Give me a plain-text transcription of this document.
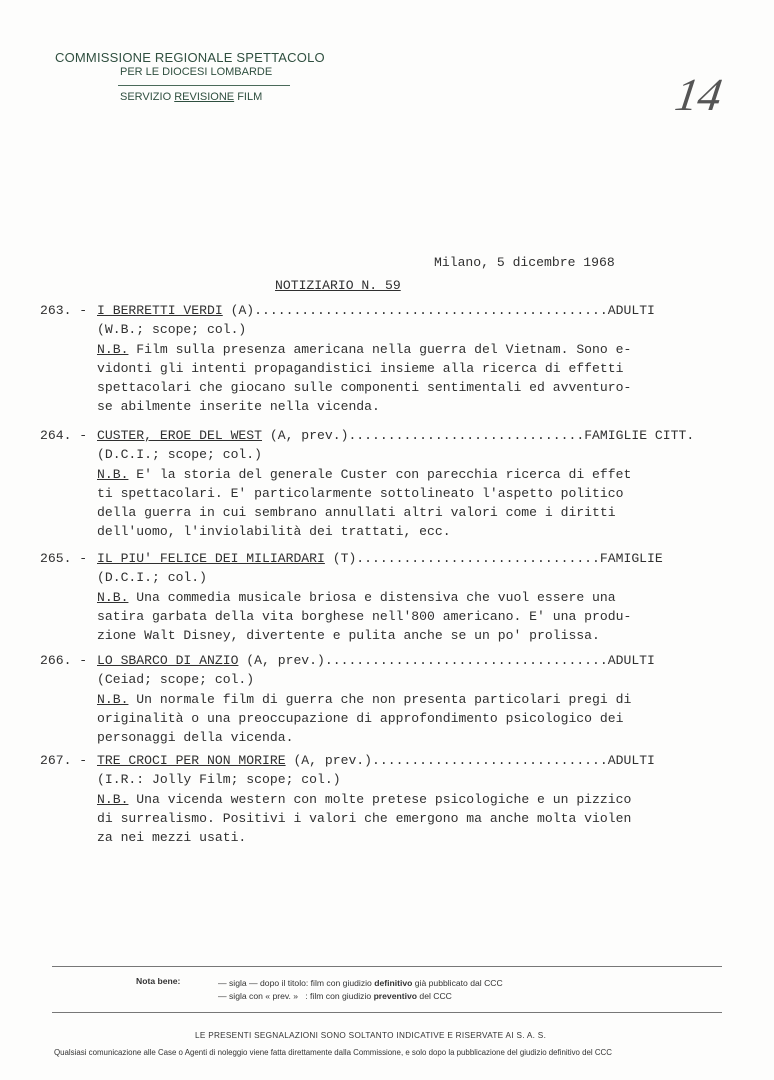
COMMISSIONE REGIONALE SPETTACOLO
PER LE DIOCESI LOMBARDE
SERVIZIO REVISIONE FILM	14
Milano, 5 dicembre 1968
NOTIZIARIO N. 59
263. - I BERRETTI VERDI (A).............................................ADULTI
(W.B.; scope; col.)
N.B. Film sulla presenza americana nella guerra del Vietnam. Sono e-
vidonti gli intenti propagandistici insieme alla ricerca di effetti
spettacolari che giocano sulle componenti sentimentali ed avventuro-
se abilmente inserite nella vicenda.
264. - CUSTER, EROE DEL WEST (A, prev.)..............................FAMIGLIE CITT.
(D.C.I.; scope; col.)
N.B. E' la storia del generale Custer con parecchia ricerca di effet
ti spettacolari. E' particolarmente sottolineato l'aspetto politico
della guerra in cui sembrano annullati altri valori come i diritti
dell'uomo, l'inviolabilità dei trattati, ecc.
265. - IL PIU' FELICE DEI MILIARDARI (T)...............................FAMIGLIE
(D.C.I.; col.)
N.B. Una commedia musicale briosa e distensiva che vuol essere una
satira garbata della vita borghese nell'800 americano. E' una produ-
zione Walt Disney, divertente e pulita anche se un po' prolissa.
266. - LO SBARCO DI ANZIO (A, prev.)....................................ADULTI
(Ceiad; scope; col.)
N.B. Un normale film di guerra che non presenta particolari pregi di
originalità o una preoccupazione di approfondimento psicologico dei
personaggi della vicenda.
267. - TRE CROCI PER NON MORIRE (A, prev.)..............................ADULTI
(I.R.: Jolly Film; scope; col.)
N.B. Una vicenda western con molte pretese psicologiche e un pizzico
di surrealismo. Positivi i valori che emergono ma anche molta violen
za nei mezzi usati.
Nota bene:	— sigla — dopo il titolo: film con giudizio definitivo già pubblicato dal CCC
— sigla con « prev. »   : film con giudizio preventivo del CCC
LE PRESENTI SEGNALAZIONI SONO SOLTANTO INDICATIVE E RISERVATE AI S. A. S.
Qualsiasi comunicazione alle Case o Agenti di noleggio viene fatta direttamente dalla Commissione, e solo dopo la pubblicazione del giudizio definitivo del CCC
